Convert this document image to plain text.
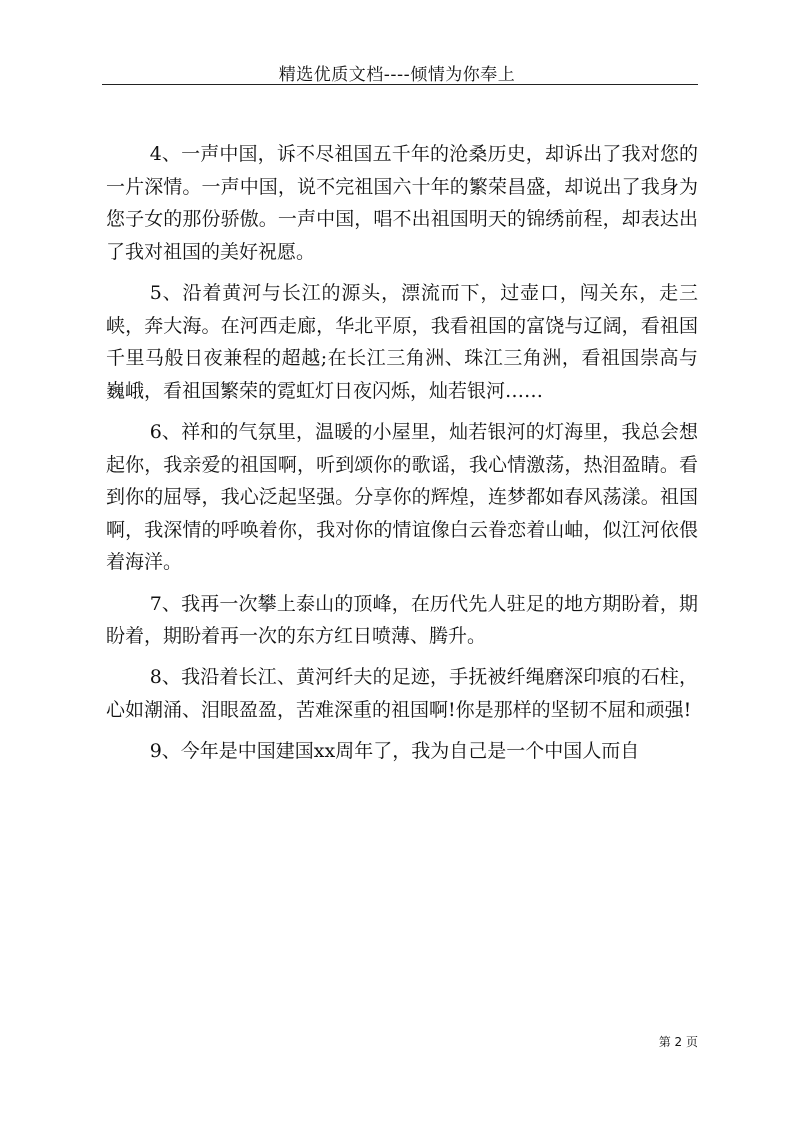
精选优质文档----倾情为你奉上

4、一声中国，诉不尽祖国五千年的沧桑历史，却诉出了我对您的一片深情。一声中国，说不完祖国六十年的繁荣昌盛，却说出了我身为您子女的那份骄傲。一声中国，唱不出祖国明天的锦绣前程，却表达出了我对祖国的美好祝愿。

5、沿着黄河与长江的源头，漂流而下，过壶口，闯关东，走三峡，奔大海。在河西走廊，华北平原，我看祖国的富饶与辽阔，看祖国千里马般日夜兼程的超越;在长江三角洲、珠江三角洲，看祖国崇高与巍峨，看祖国繁荣的霓虹灯日夜闪烁，灿若银河……

6、祥和的气氛里，温暖的小屋里，灿若银河的灯海里，我总会想起你，我亲爱的祖国啊，听到颂你的歌谣，我心情激荡，热泪盈睛。看到你的屈辱，我心泛起坚强。分享你的辉煌，连梦都如春风荡漾。祖国啊，我深情的呼唤着你，我对你的情谊像白云眷恋着山岫，似江河依偎着海洋。

7、我再一次攀上泰山的顶峰，在历代先人驻足的地方期盼着，期盼着，期盼着再一次的东方红日喷薄、腾升。

8、我沿着长江、黄河纤夫的足迹，手抚被纤绳磨深印痕的石柱，心如潮涌、泪眼盈盈，苦难深重的祖国啊!你是那样的坚韧不屈和顽强!

9、今年是中国建国xx周年了，我为自己是一个中国人而自

第 2 页
